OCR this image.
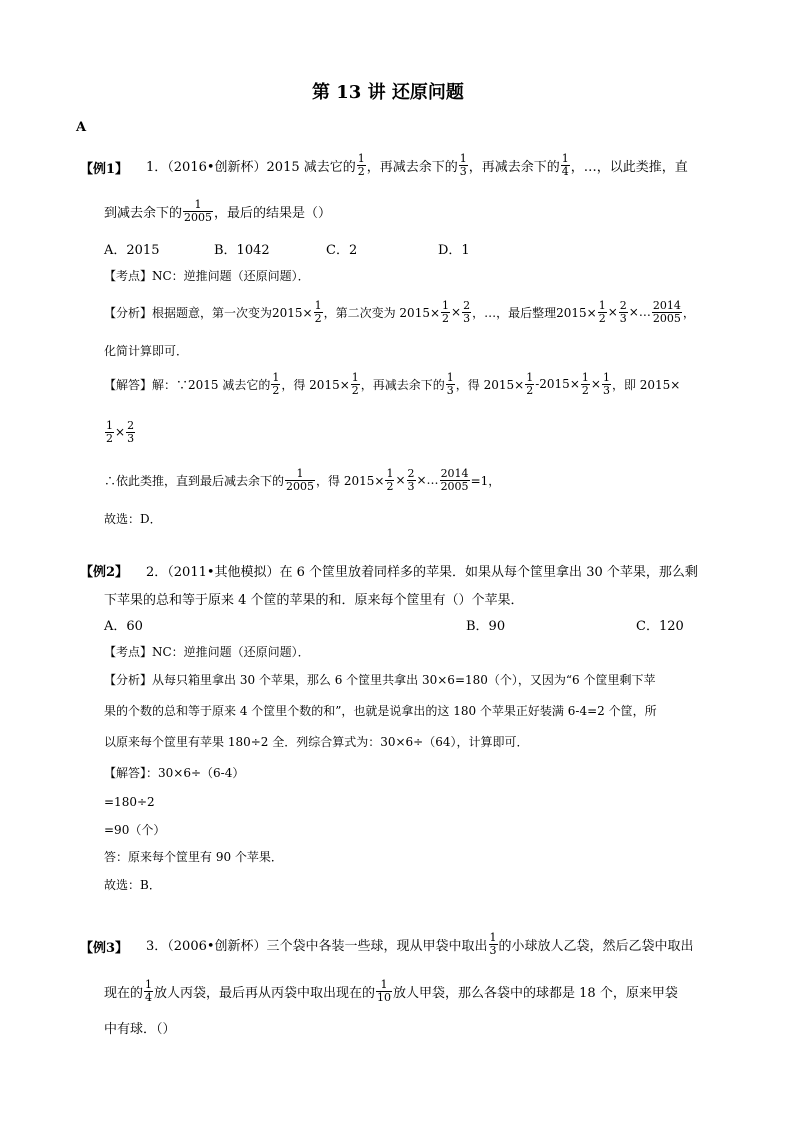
第 13 讲 还原问题
A
【例1】 1．（2016•创新杯）2015 减去它的 $\frac{1}{2}$ ，再减去余下的 $\frac{1}{3}$ ，再减去余下的 $\frac{1}{4}$ ，…，以此类推，直
到减去余下的 $\frac{1}{2005}$ ，最后的结果是（）
A．2015	B．1042	C．2	D．1
【考点】NC：逆推问题（还原问题）．
【分析】根据题意，第一次变为$2015\times \frac{1}{2}$ ，第二次变为 $2015\times \frac{1}{2} \times \frac{2}{3}$ ，…，最后整理$2015\times \frac{1}{2} \times \frac{2}{3}$ ×… $\frac{2014}{2005}$ ，
化简计算即可．
【解答】解：∵2015 减去它的 $\frac{1}{2}$ ，得 $2015\times \frac{1}{2}$ ，再减去余下的 $\frac{1}{3}$ ，得 $2015\times \frac{1}{2} -2015\times \frac{1}{2} \times \frac{1}{3}$ ，即 2015×
$\frac{1}{2} \times \frac{2}{3}$
∴依此类推，直到最后减去余下的 $\frac{1}{2005}$ ，得 $2015\times \frac{1}{2} \times \frac{2}{3}$ ×… $\frac{2014}{2005} =1$，
故选：D．
【例2】 2．（2011•其他模拟）在 6 个筐里放着同样多的苹果．如果从每个筐里拿出 30 个苹果，那么剩
下苹果的总和等于原来 4 个筐的苹果的和．原来每个筐里有（）个苹果．
A．60	B．90	C．120
【考点】NC：逆推问题（还原问题）．
【分析】从每只箱里拿出 30 个苹果，那么 6 个筐里共拿出 30×6=180（个），又因为“6 个筐里剩下苹
果的个数的总和等于原来 4 个筐里个数的和”，也就是说拿出的这 180 个苹果正好装满 6-4=2 个筐，所
以原来每个筐里有苹果 180÷2 全．列综合算式为：30×6÷（64），计算即可．
【解答】：30×6÷（6-4）
=180÷2
=90（个）
答：原来每个筐里有 90 个苹果．
故选：B．
【例3】 3．（2006•创新杯）三个袋中各装一些球，现从甲袋中取出 $\frac{1}{3}$ 的小球放人乙袋，然后乙袋中取出
现在的 $\frac{1}{4}$ 放人丙袋，最后再从丙袋中取出现在的 $\frac{1}{10}$ 放人甲袋，那么各袋中的球都是 18 个，原来甲袋
中有球．（）
